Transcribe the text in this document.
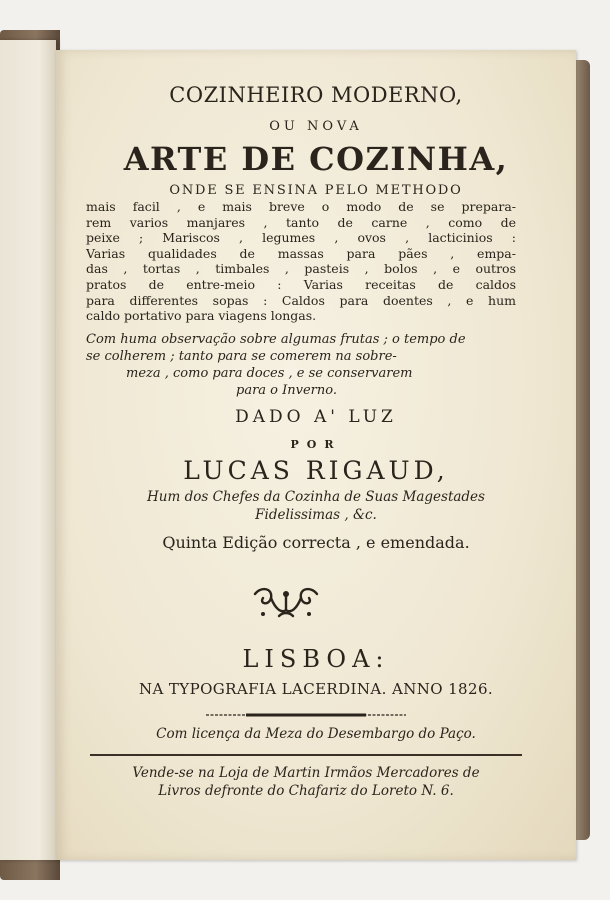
COZINHEIRO MODERNO,
OU NOVA
ARTE DE COZINHA,
ONDE SE ENSINA PELO METHODO
mais facil , e mais breve o modo de se prepara-
rem varios manjares , tanto de carne , como de
peixe ; Mariscos , legumes , ovos , lacticinios :
Varias qualidades de massas para pães , empa-
das , tortas , timbales , pasteis , bolos , e outros
pratos de entre-meio : Varias receitas de caldos
para differentes sopas : Caldos para doentes , e hum
caldo portativo para viagens longas.
Com huma observação sobre algumas frutas ; o tempo de
se colherem ; tanto para se comerem na sobre-
meza , como para doces , e se conservarem
para o Inverno.
DADO A' LUZ
POR
LUCAS RIGAUD,
Hum dos Chefes da Cozinha de Suas Magestades
Fidelissimas , &c.
Quinta Edição correcta , e emendada.
LISBOA:
NA TYPOGRAFIA LACERDINA. ANNO 1826.
Com licença da Meza do Desembargo do Paço.
Vende-se na Loja de Martin Irmãos Mercadores de
Livros defronte do Chafariz do Loreto N. 6.
